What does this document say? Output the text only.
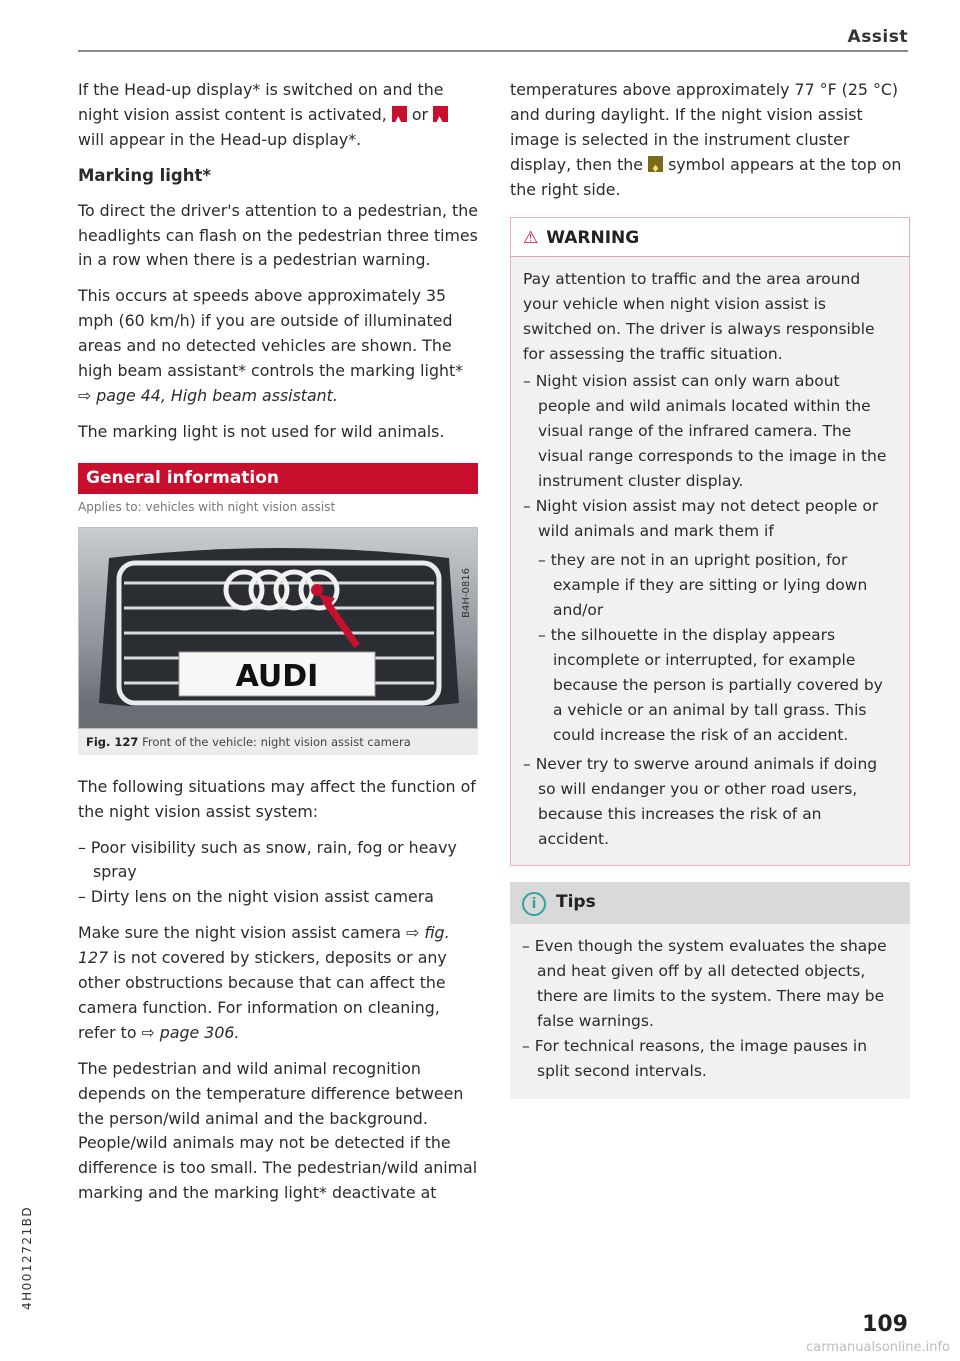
Assist

If the Head-up display* is switched on and the night vision assist content is activated, ▲ or ▲ will appear in the Head-up display*.

Marking light*

To direct the driver's attention to a pedestrian, the headlights can flash on the pedestrian three times in a row when there is a pedestrian warning.

This occurs at speeds above approximately 35 mph (60 km/h) if you are outside of illuminated areas and no detected vehicles are shown. The high beam assistant* controls the marking light* ⇨ page 44, High beam assistant.

The marking light is not used for wild animals.

General information
Applies to: vehicles with night vision assist
AUDI
B4H-0816
Fig. 127 Front of the vehicle: night vision assist camera

The following situations may affect the function of the night vision assist system:

– Poor visibility such as snow, rain, fog or heavy spray
– Dirty lens on the night vision assist camera

Make sure the night vision assist camera ⇨ fig. 127 is not covered by stickers, deposits or any other obstructions because that can affect the camera function. For information on cleaning, refer to ⇨ page 306.

The pedestrian and wild animal recognition depends on the temperature difference between the person/wild animal and the background. People/wild animals may not be detected if the difference is too small. The pedestrian/wild animal marking and the marking light* deactivate at

temperatures above approximately 77 °F (25 °C) and during daylight. If the night vision assist image is selected in the instrument cluster display, then the ♦ symbol appears at the top on the right side.

⚠ WARNING

Pay attention to traffic and the area around your vehicle when night vision assist is switched on. The driver is always responsible for assessing the traffic situation.

– Night vision assist can only warn about people and wild animals located within the visual range of the infrared camera. The visual range corresponds to the image in the instrument cluster display.
– Night vision assist may not detect people or wild animals and mark them if
– they are not in an upright position, for example if they are sitting or lying down and/or
– the silhouette in the display appears incomplete or interrupted, for example because the person is partially covered by a vehicle or an animal by tall grass. This could increase the risk of an accident.
– Never try to swerve around animals if doing so will endanger you or other road users, because this increases the risk of an accident.
i Tips
– Even though the system evaluates the shape and heat given off by all detected objects, there are limits to the system. There may be false warnings.
– For technical reasons, the image pauses in split second intervals.
4H0012721BD
109
carmanualsonline.info
